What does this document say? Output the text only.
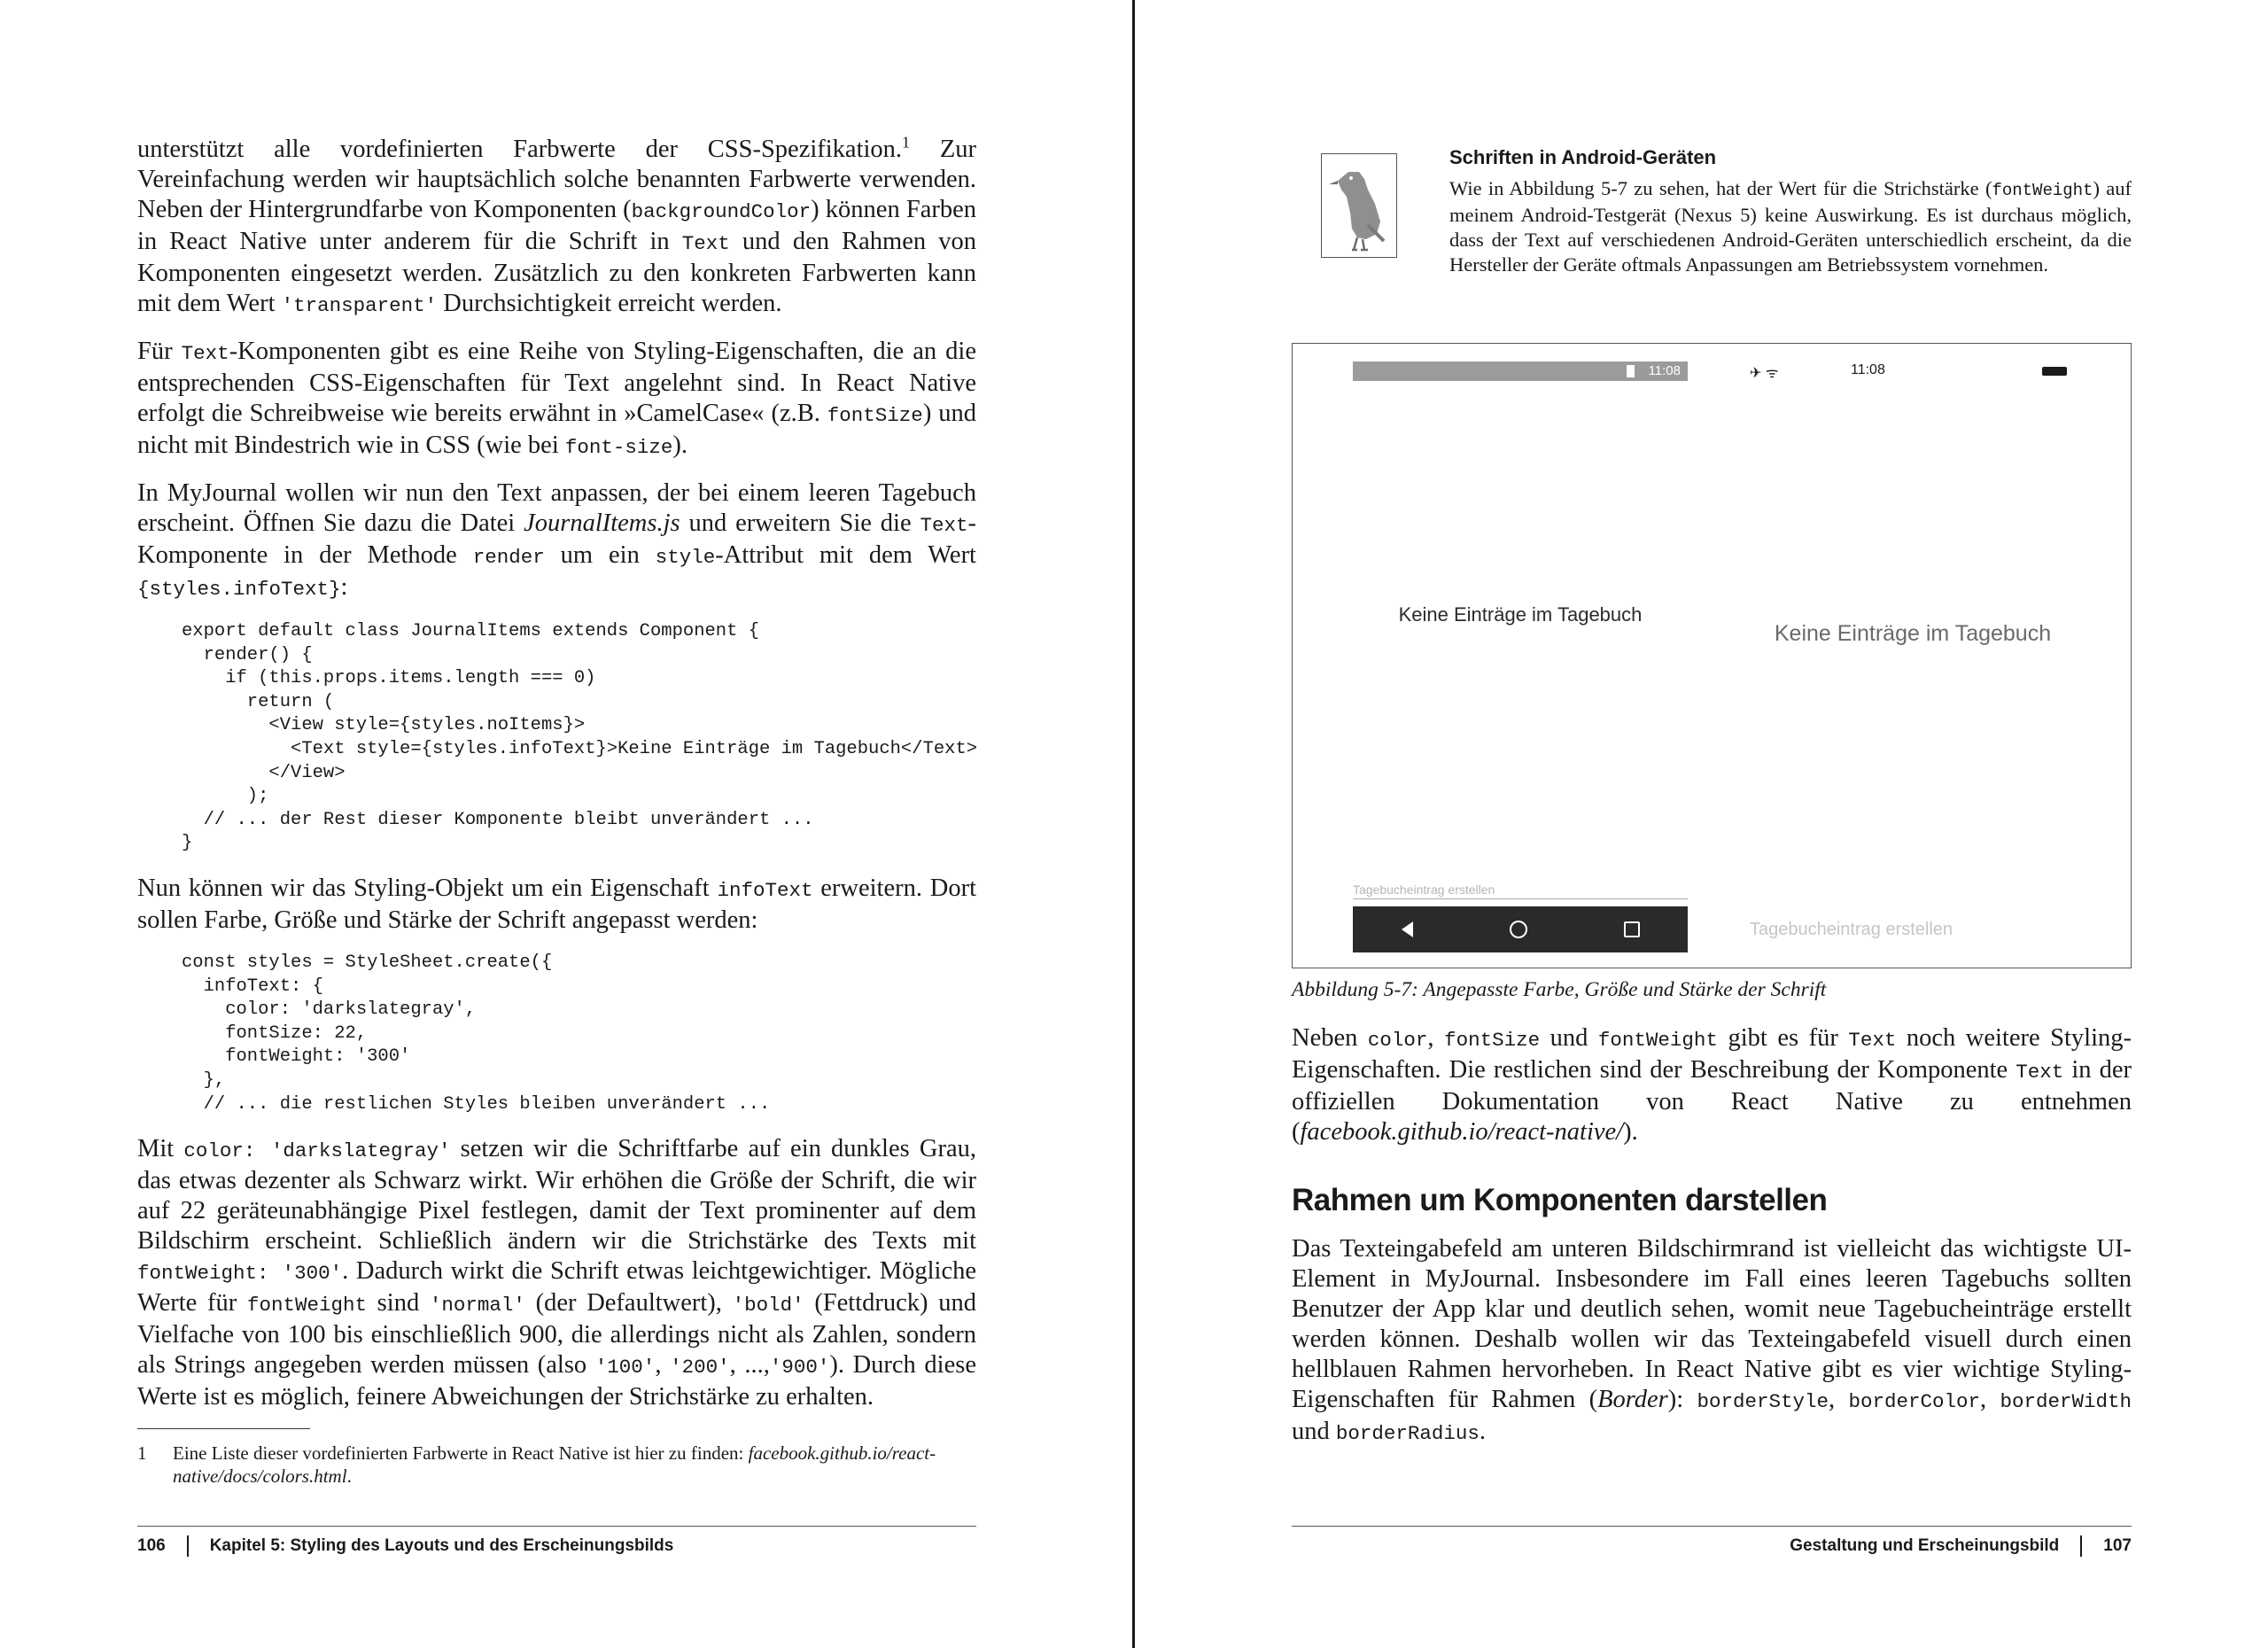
unterstützt alle vordefinierten Farbwerte der CSS-Spezifikation.$^1$ Zur Vereinfachung werden wir hauptsächlich solche benannten Farbwerte verwenden. Neben der Hintergrundfarbe von Komponenten (backgroundColor) können Farben in React Native unter anderem für die Schrift in Text und den Rahmen von Komponenten eingesetzt werden. Zusätzlich zu den konkreten Farbwerten kann mit dem Wert 'transparent' Durchsichtigkeit erreicht werden.

Für Text-Komponenten gibt es eine Reihe von Styling-Eigenschaften, die an die entsprechenden CSS-Eigenschaften für Text angelehnt sind. In React Native erfolgt die Schreibweise wie bereits erwähnt in »CamelCase« (z.B. fontSize) und nicht mit Bindestrich wie in CSS (wie bei font-size).

In MyJournal wollen wir nun den Text anpassen, der bei einem leeren Tagebuch erscheint. Öffnen Sie dazu die Datei JournalItems.js und erweitern Sie die Text-Komponente in der Methode render um ein style-Attribut mit dem Wert {styles.infoText}:

export default class JournalItems extends Component {
render() {
if (this.props.items.length === 0)
return (
<View style={styles.noItems}>
<Text style={styles.infoText}>Keine Einträge im Tagebuch</Text>
</View>
);
// ... der Rest dieser Komponente bleibt unverändert ...
}

Nun können wir das Styling-Objekt um ein Eigenschaft infoText erweitern. Dort sollen Farbe, Größe und Stärke der Schrift angepasst werden:

const styles = StyleSheet.create({
infoText: {
color: 'darkslategray',
fontSize: 22,
fontWeight: '300'
},
// ... die restlichen Styles bleiben unverändert ...

Mit color: 'darkslategray' setzen wir die Schriftfarbe auf ein dunkles Grau, das etwas dezenter als Schwarz wirkt. Wir erhöhen die Größe der Schrift, die wir auf 22 geräteunabhängige Pixel festlegen, damit der Text prominenter auf dem Bildschirm erscheint. Schließlich ändern wir die Strichstärke des Texts mit fontWeight: '300'. Dadurch wirkt die Schrift etwas leichtgewichtiger. Mögliche Werte für fontWeight sind 'normal' (der Defaultwert), 'bold' (Fettdruck) und Vielfache von 100 bis einschließlich 900, die allerdings nicht als Zahlen, sondern als Strings angegeben werden müssen (also '100', '200', ...,'900'). Durch diese Werte ist es möglich, feinere Abweichungen der Strichstärke zu erhalten.

1	Eine Liste dieser vordefinierten Farbwerte in React Native ist hier zu finden: facebook.github.io/react-native/docs/colors.html.
106	Kapitel 5: Styling des Layouts und des Erscheinungsbilds
Schriften in Android-Geräten
Wie in Abbildung 5-7 zu sehen, hat der Wert für die Strichstärke (fontWeight) auf meinem Android-Testgerät (Nexus 5) keine Auswirkung. Es ist durchaus möglich, dass der Text auf verschiedenen Android-Geräten unterschiedlich erscheint, da die Hersteller der Geräte oftmals Anpassungen am Betriebssystem vornehmen.
11:08	✈ ᯤ	11:08
Keine Einträge im Tagebuch
Keine Einträge im Tagebuch
Tagebucheintrag erstellen
Tagebucheintrag erstellen
Abbildung 5-7: Angepasste Farbe, Größe und Stärke der Schrift

Neben color, fontSize und fontWeight gibt es für Text noch weitere Styling-Eigenschaften. Die restlichen sind der Beschreibung der Komponente Text in der offiziellen Dokumentation von React Native zu entnehmen (facebook.github.io/react-native/).

Rahmen um Komponenten darstellen

Das Texteingabefeld am unteren Bildschirmrand ist vielleicht das wichtigste UI-Element in MyJournal. Insbesondere im Fall eines leeren Tagebuchs sollten Benutzer der App klar und deutlich sehen, womit neue Tagebucheinträge erstellt werden können. Deshalb wollen wir das Texteingabefeld visuell durch einen hellblauen Rahmen hervorheben. In React Native gibt es vier wichtige Styling-Eigenschaften für Rahmen (Border): borderStyle, borderColor, borderWidth und borderRadius.

Gestaltung und Erscheinungsbild	107
